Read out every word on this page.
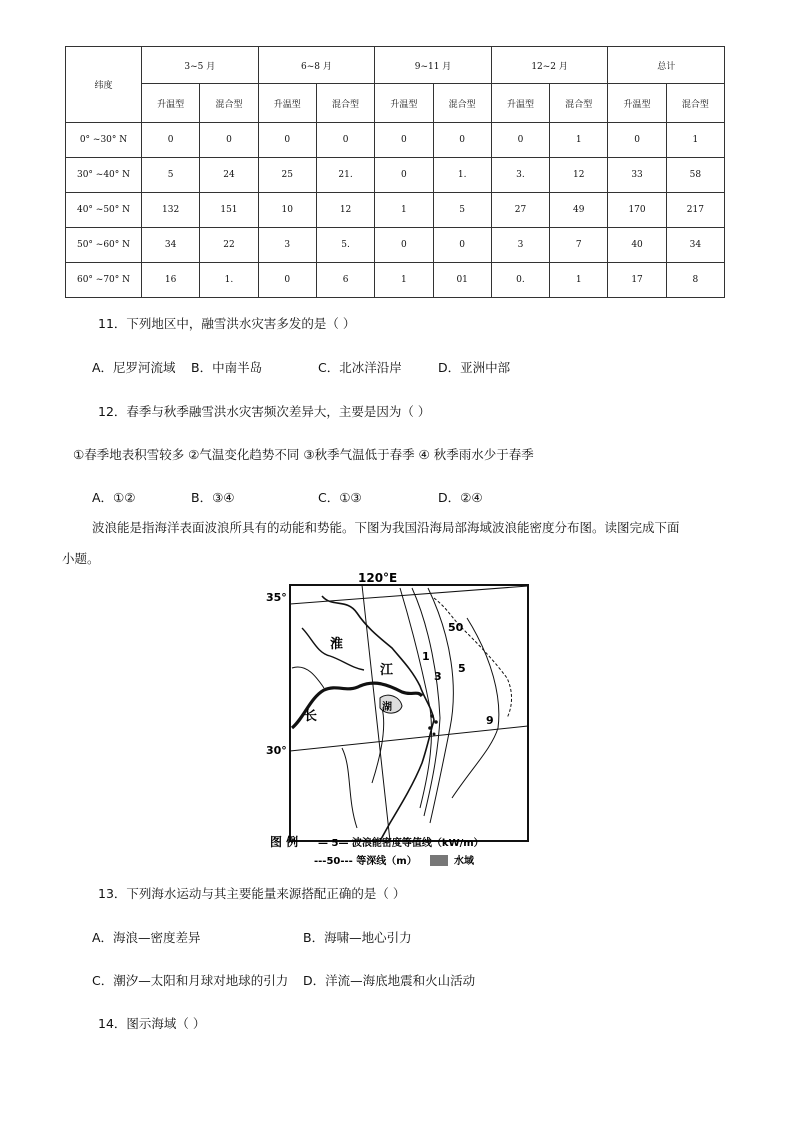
纬度	3~5 月		6~8 月		9~11 月		12~2 月		总计	
	升温型	混合型	升温型	混合型	升温型	混合型	升温型	混合型	升温型	混合型
0° ~30° N	0	0	0	0	0	0	0	1	0	1
30° ~40° N	5	24	25	21.	0	1.	3.	12	33	58
40° ~50° N	132	151	10	12	1	5	27	49	170	217
50° ~60° N	34	22	3	5.	0	0	3	7	40	34
60° ~70° N	16	1.	0	6	1	01	0.	1	17	8
11．下列地区中，融雪洪水灾害多发的是（ ）
A．尼罗河流域 B．中南半岛	C．北冰洋沿岸	D．亚洲中部
12．春季与秋季融雪洪水灾害频次差异大，主要是因为（ ）
①春季地表积雪较多 ②气温变化趋势不同 ③秋季气温低于春季 ④ 秋季雨水少于春季
A．①②	B．③④	C．①③	D．②④
波浪能是指海洋表面波浪所具有的动能和势能。下图为我国沿海局部海域波浪能密度分布图。读图完成下面
小题。
120°E
35°
30°
50
1
3
5
9
淮
江
长
湖
图 例 — 5— 波浪能密度等值线（kW/m）
---50--- 等深线（m）	水域
13．下列海水运动与其主要能量来源搭配正确的是（ ）
A．海浪—密度差异	B．海啸—地心引力
C．潮汐—太阳和月球对地球的引力 D．洋流—海底地震和火山活动
14．图示海域（ ）
